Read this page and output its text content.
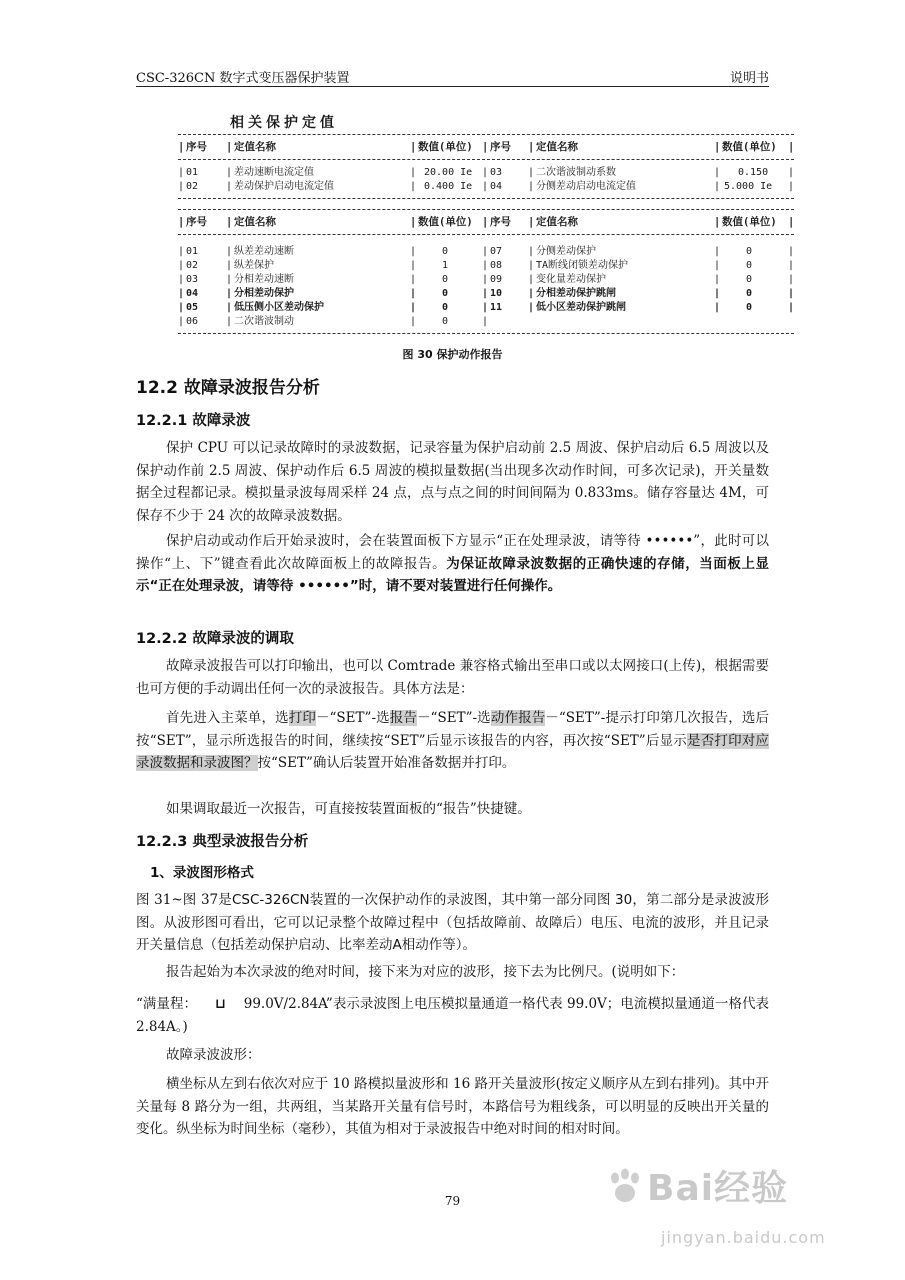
CSC-326CN 数字式变压器保护装置	说明书
相关保护定值
| 序号 | 定值名称	| 数值(单位) | 序号 | 定值名称	| 数值(单位) |
| 01	| 差动速断电流定值	| 20.00 Ie | 03	| 二次谐波制动系数	| 0.150 |
| 02	| 差动保护启动电流定值	| 0.400 Ie | 04	| 分侧差动启动电流定值	| 5.000 Ie |
| 序号 | 定值名称	| 数值(单位) | 序号 | 定值名称	| 数值(单位) |
| 01	| 纵差差动速断	|	0	| 07	| 分侧差动保护	|	0	|
| 02	| 纵差保护	|	1	| 08	| TA断线闭锁差动保护	|	0	|
| 03	| 分相差动速断	|	0	| 09	| 变化量差动保护	|	0	|
| 04	| 分相差动保护	|	0	| 10	| 分相差动保护跳闸	|	0	|
| 05	| 低压侧小区差动保护	|	0	| 11	| 低小区差动保护跳闸	|	0	|
| 06	| 二次谐波制动	|	0	|
图 30 保护动作报告
12.2 故障录波报告分析
12.2.1 故障录波
保护 CPU 可以记录故障时的录波数据，记录容量为保护启动前 2.5 周波、保护启动后 6.5 周波以及保护动作前 2.5 周波、保护动作后 6.5 周波的模拟量数据(当出现多次动作时间，可多次记录)，开关量数据全过程都记录。模拟量录波每周采样 24 点，点与点之间的时间间隔为 0.833ms。储存容量达 4M，可保存不少于 24 次的故障录波数据。
保护启动或动作后开始录波时，会在装置面板下方显示“正在处理录波，请等待 ••••••”，此时可以操作“上、下”键查看此次故障面板上的故障报告。为保证故障录波数据的正确快速的存储，当面板上显示“正在处理录波，请等待 ••••••”时，请不要对装置进行任何操作。
12.2.2 故障录波的调取
故障录波报告可以打印输出，也可以 Comtrade 兼容格式输出至串口或以太网接口(上传)，根据需要也可方便的手动调出任何一次的录波报告。具体方法是：
首先进入主菜单，选打印－“SET”-选报告－“SET”-选动作报告－“SET”-提示打印第几次报告，选后按“SET”，显示所选报告的时间，继续按“SET”后显示该报告的内容，再次按“SET”后显示是否打印对应录波数据和录波图？按“SET”确认后装置开始准备数据并打印。
如果调取最近一次报告，可直接按装置面板的“报告”快捷键。
12.2.3 典型录波报告分析
1、录波图形格式
图 31~图 37是CSC-326CN装置的一次保护动作的录波图，其中第一部分同图 30，第二部分是录波波形图。从波形图可看出，它可以记录整个故障过程中（包括故障前、故障后）电压、电流的波形，并且记录开关量信息（包括差动保护启动、比率差动A相动作等）。
报告起始为本次录波的绝对时间，接下来为对应的波形，接下去为比例尺。(说明如下：
“满量程： ⊔ 99.0V/2.84A”表示录波图上电压模拟量通道一格代表 99.0V；电流模拟量通道一格代表 2.84A。)
故障录波波形：
横坐标从左到右依次对应于 10 路模拟量波形和 16 路开关量波形(按定义顺序从左到右排列)。其中开关量每 8 路分为一组，共两组，当某路开关量有信号时，本路信号为粗线条，可以明显的反映出开关量的变化。纵坐标为时间坐标（毫秒），其值为相对于录波报告中绝对时间的相对时间。
79	Bai经验
jingyan.baidu.com
